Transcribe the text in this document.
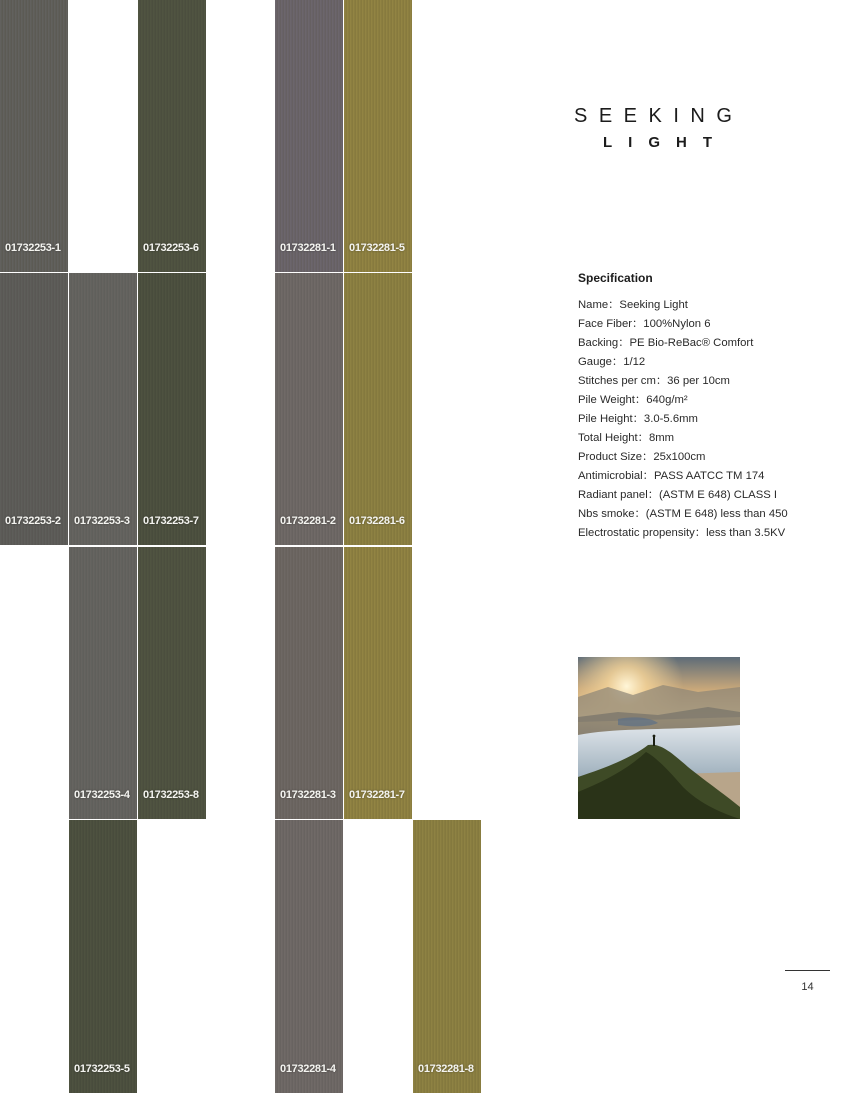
01732253-1	01732253-6	01732281-1 01732281-5
01732253-2 01732253-3 01732253-7	01732281-2 01732281-6
01732253-4 01732253-8	01732281-3 01732281-7
01732253-5	01732281-4	01732281-8
SEEKING
LIGHT
Specification
Name：Seeking Light
Face Fiber：100%Nylon 6
Backing：PE Bio-ReBac® Comfort
Gauge：1/12
Stitches per cm：36 per 10cm
Pile Weight：640g/m²
Pile Height：3.0-5.6mm
Total Height：8mm
Product Size：25x100cm
Antimicrobial：PASS AATCC TM 174
Radiant panel：(ASTM E 648) CLASS I
Nbs smoke：(ASTM E 648) less than 450
Electrostatic propensity：less than 3.5KV
14
